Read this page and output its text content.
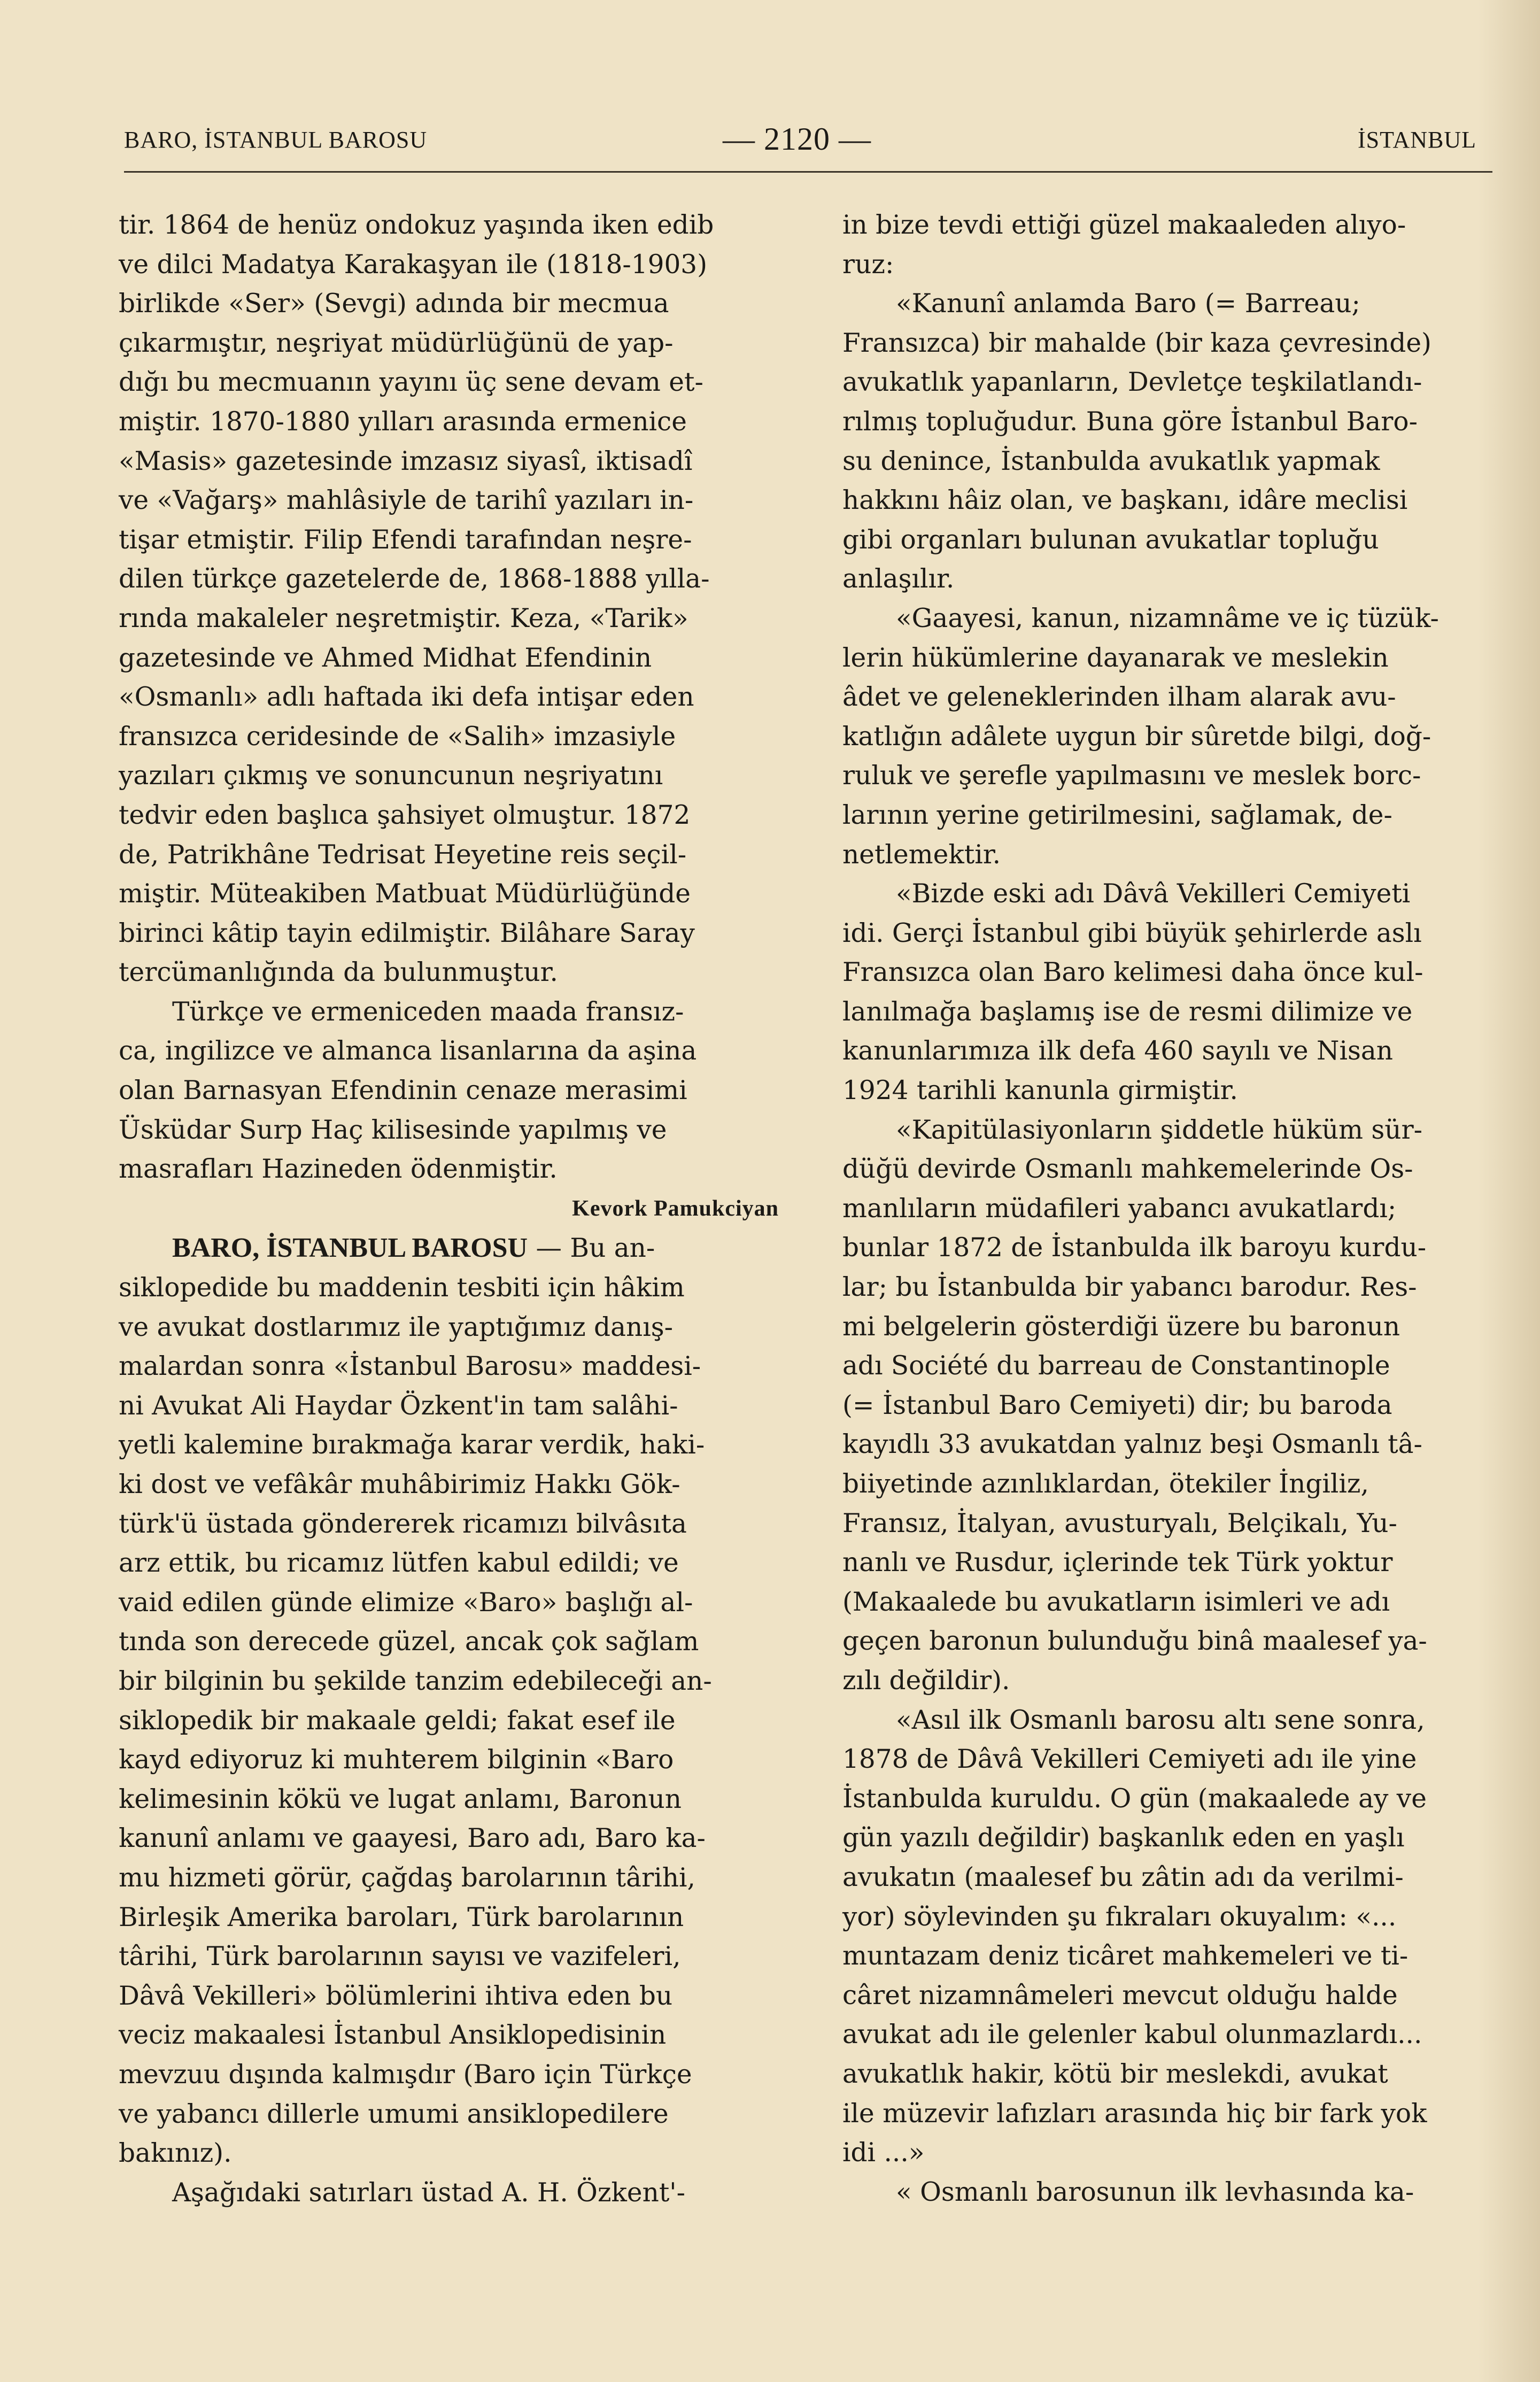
BARO, İSTANBUL BAROSU	— 2120 —	İSTANBUL

tir. 1864 de henüz ondokuz yaşında iken edib
ve dilci Madatya Karakaşyan ile (1818-1903)
birlikde «Ser» (Sevgi) adında bir mecmua
çıkarmıştır, neşriyat müdürlüğünü de yap-
dığı bu mecmuanın yayını üç sene devam et-
miştir. 1870-1880 yılları arasında ermenice
«Masis» gazetesinde imzasız siyasî, iktisadî
ve «Vağarş» mahlâsiyle de tarihî yazıları in-
tişar etmiştir. Filip Efendi tarafından neşre-
dilen türkçe gazetelerde de, 1868-1888 yılla-
rında makaleler neşretmiştir. Keza, «Tarik»
gazetesinde ve Ahmed Midhat Efendinin
«Osmanlı» adlı haftada iki defa intişar eden
fransızca ceridesinde de «Salih» imzasiyle
yazıları çıkmış ve sonuncunun neşriyatını
tedvir eden başlıca şahsiyet olmuştur. 1872
de, Patrikhâne Tedrisat Heyetine reis seçil-
miştir. Müteakiben Matbuat Müdürlüğünde
birinci kâtip tayin edilmiştir. Bilâhare Saray
tercümanlığında da bulunmuştur.

Türkçe ve ermeniceden maada fransız-
ca, ingilizce ve almanca lisanlarına da aşina
olan Barnasyan Efendinin cenaze merasimi
Üsküdar Surp Haç kilisesinde yapılmış ve
masrafları Hazineden ödenmiştir.

Kevork Pamukciyan

BARO, İSTANBUL BAROSU — Bu an-
siklopedide bu maddenin tesbiti için hâkim
ve avukat dostlarımız ile yaptığımız danış-
malardan sonra «İstanbul Barosu» maddesi-
ni Avukat Ali Haydar Özkent'in tam salâhi-
yetli kalemine bırakmağa karar verdik, haki-
ki dost ve vefâkâr muhâbirimiz Hakkı Gök-
türk'ü üstada göndererek ricamızı bilvâsıta
arz ettik, bu ricamız lütfen kabul edildi; ve
vaid edilen günde elimize «Baro» başlığı al-
tında son derecede güzel, ancak çok sağlam
bir bilginin bu şekilde tanzim edebileceği an-
siklopedik bir makaale geldi; fakat esef ile
kayd ediyoruz ki muhterem bilginin «Baro
kelimesinin kökü ve lugat anlamı, Baronun
kanunî anlamı ve gaayesi, Baro adı, Baro ka-
mu hizmeti görür, çağdaş barolarının târihi,
Birleşik Amerika baroları, Türk barolarının
târihi, Türk barolarının sayısı ve vazifeleri,
Dâvâ Vekilleri» bölümlerini ihtiva eden bu
veciz makaalesi İstanbul Ansiklopedisinin
mevzuu dışında kalmışdır (Baro için Türkçe
ve yabancı dillerle umumi ansiklopedilere
bakınız).

Aşağıdaki satırları üstad A. H. Özkent'-

in bize tevdi ettiği güzel makaaleden alıyo-
ruz:

«Kanunî anlamda Baro (= Barreau;
Fransızca) bir mahalde (bir kaza çevresinde)
avukatlık yapanların, Devletçe teşkilatlandı-
rılmış topluğudur. Buna göre İstanbul Baro-
su denince, İstanbulda avukatlık yapmak
hakkını hâiz olan, ve başkanı, idâre meclisi
gibi organları bulunan avukatlar topluğu
anlaşılır.

«Gaayesi, kanun, nizamnâme ve iç tüzük-
lerin hükümlerine dayanarak ve meslekin
âdet ve geleneklerinden ilham alarak avu-
katlığın adâlete uygun bir sûretde bilgi, doğ-
ruluk ve şerefle yapılmasını ve meslek borc-
larının yerine getirilmesini, sağlamak, de-
netlemektir.

«Bizde eski adı Dâvâ Vekilleri Cemiyeti
idi. Gerçi İstanbul gibi büyük şehirlerde aslı
Fransızca olan Baro kelimesi daha önce kul-
lanılmağa başlamış ise de resmi dilimize ve
kanunlarımıza ilk defa 460 sayılı ve Nisan
1924 tarihli kanunla girmiştir.

«Kapitülasiyonların şiddetle hüküm sür-
düğü devirde Osmanlı mahkemelerinde Os-
manlıların müdafileri yabancı avukatlardı;
bunlar 1872 de İstanbulda ilk baroyu kurdu-
lar; bu İstanbulda bir yabancı barodur. Res-
mi belgelerin gösterdiği üzere bu baronun
adı Société du barreau de Constantinople
(= İstanbul Baro Cemiyeti) dir; bu baroda
kayıdlı 33 avukatdan yalnız beşi Osmanlı tâ-
biiyetinde azınlıklardan, ötekiler İngiliz,
Fransız, İtalyan, avusturyalı, Belçikalı, Yu-
nanlı ve Rusdur, içlerinde tek Türk yoktur
(Makaalede bu avukatların isimleri ve adı
geçen baronun bulunduğu binâ maalesef ya-
zılı değildir).

«Asıl ilk Osmanlı barosu altı sene sonra,
1878 de Dâvâ Vekilleri Cemiyeti adı ile yine
İstanbulda kuruldu. O gün (makaalede ay ve
gün yazılı değildir) başkanlık eden en yaşlı
avukatın (maalesef bu zâtin adı da verilmi-
yor) söylevinden şu fıkraları okuyalım: «...
muntazam deniz ticâret mahkemeleri ve ti-
câret nizamnâmeleri mevcut olduğu halde
avukat adı ile gelenler kabul olunmazlardı...
avukatlık hakir, kötü bir meslekdi, avukat
ile müzevir lafızları arasında hiç bir fark yok
idi ...»

« Osmanlı barosunun ilk levhasında ka-
